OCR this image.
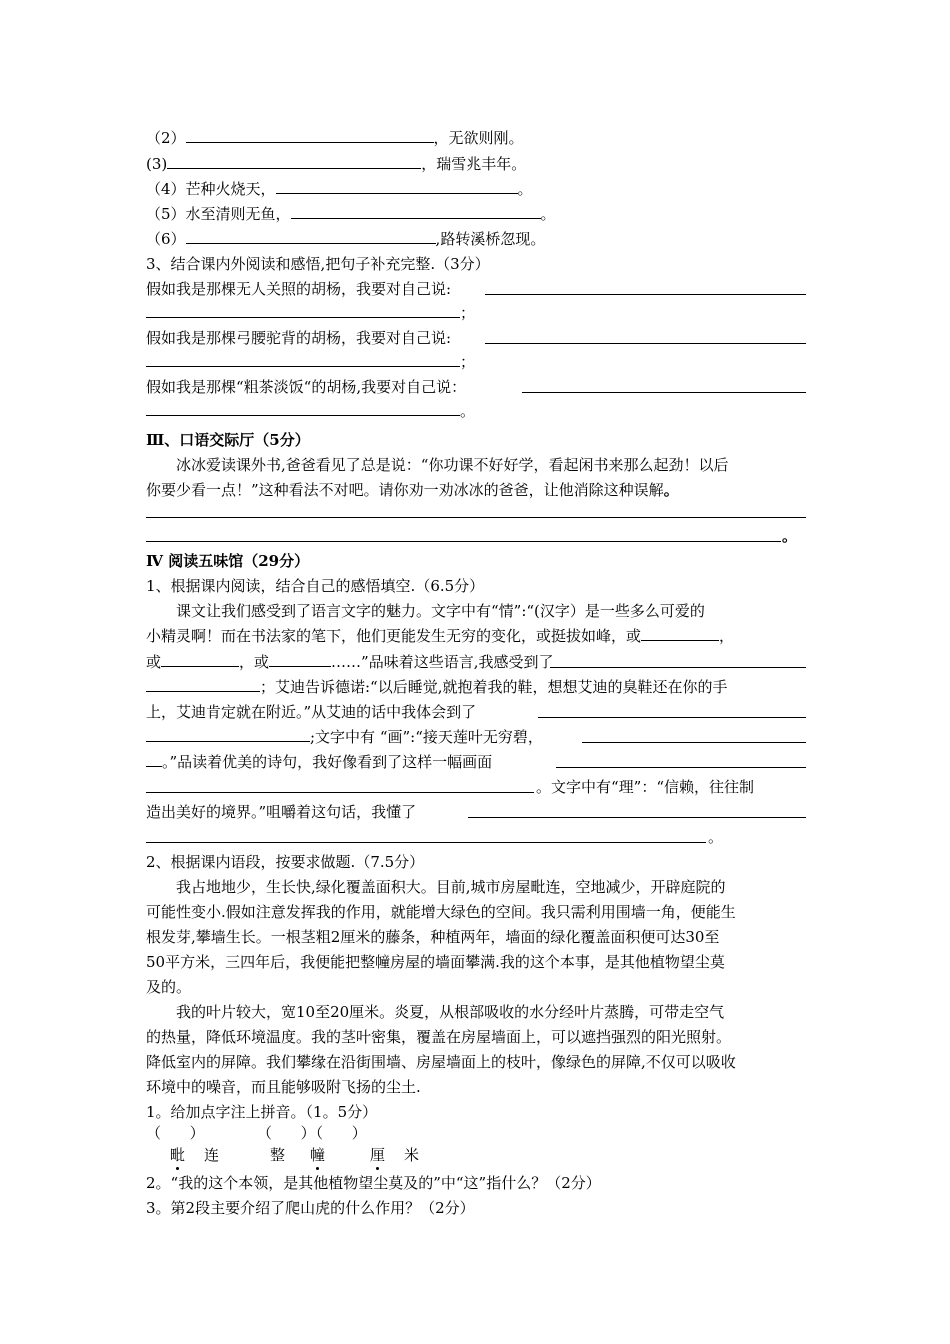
（2）	，无欲则刚。
(3)	，瑞雪兆丰年。
（4）芒种火烧天，	。
（5）水至清则无鱼，	。
（6）	,路转溪桥忽现。
3、结合课内外阅读和感悟,把句子补充完整.（3分）
假如我是那棵无人关照的胡杨，我要对自己说:
；
假如我是那棵弓腰驼背的胡杨，我要对自己说:
；
假如我是那棵“粗茶淡饭“的胡杨,我要对自己说：
。
Ⅲ、口语交际厅（5分）
冰冰爱读课外书,爸爸看见了总是说：“你功课不好好学，看起闲书来那么起劲！以后
你要少看一点！”这种看法不对吧。请你劝一劝冰冰的爸爸，让他消除这种误解。
。
Ⅳ 阅读五味馆（29分）
1、根据课内阅读，结合自己的感悟填空.（6.5分）
课文让我们感受到了语言文字的魅力。文字中有“情”:“(汉字）是一些多么可爱的
小精灵啊！而在书法家的笔下，他们更能发生无穷的变化，或挺拔如峰，或	，
或	，或	……”品味着这些语言,我感受到了
；艾迪告诉德诺:“以后睡觉,就抱着我的鞋，想想艾迪的臭鞋还在你的手
上，艾迪肯定就在附近。”从艾迪的话中我体会到了
;文字中有 “画”:“接天莲叶无穷碧，
。”品读着优美的诗句，我好像看到了这样一幅画面
。文字中有“理”：“信赖，往往制
造出美好的境界。”咀嚼着这句话，我懂了
。
2、根据课内语段，按要求做题.（7.5分）
我占地地少，生长快,绿化覆盖面积大。目前,城市房屋毗连，空地减少，开辟庭院的
可能性变小.假如注意发挥我的作用，就能增大绿色的空间。我只需利用围墙一角，便能生
根发芽,攀墙生长。一根茎粗2厘米的藤条，种植两年，墙面的绿化覆盖面积便可达30至
50平方米，三四年后，我便能把整幢房屋的墙面攀满.我的这个本事，是其他植物望尘莫
及的。
我的叶片较大，宽10至20厘米。炎夏，从根部吸收的水分经叶片蒸腾，可带走空气
的热量，降低环境温度。我的茎叶密集，覆盖在房屋墙面上，可以遮挡强烈的阳光照射。
降低室内的屏障。我们攀缘在沿街围墙、房屋墙面上的枝叶，像绿色的屏障,不仅可以吸收
环境中的噪音，而且能够吸附飞扬的尘土.
1。给加点字注上拼音。（1。5分）
（      ）           （      ）（      ）
毗 连	整 幢	厘 米
2。“我的这个本领，是其他植物望尘莫及的”中“这”指什么？（2分）
3。第2段主要介绍了爬山虎的什么作用？（2分）
